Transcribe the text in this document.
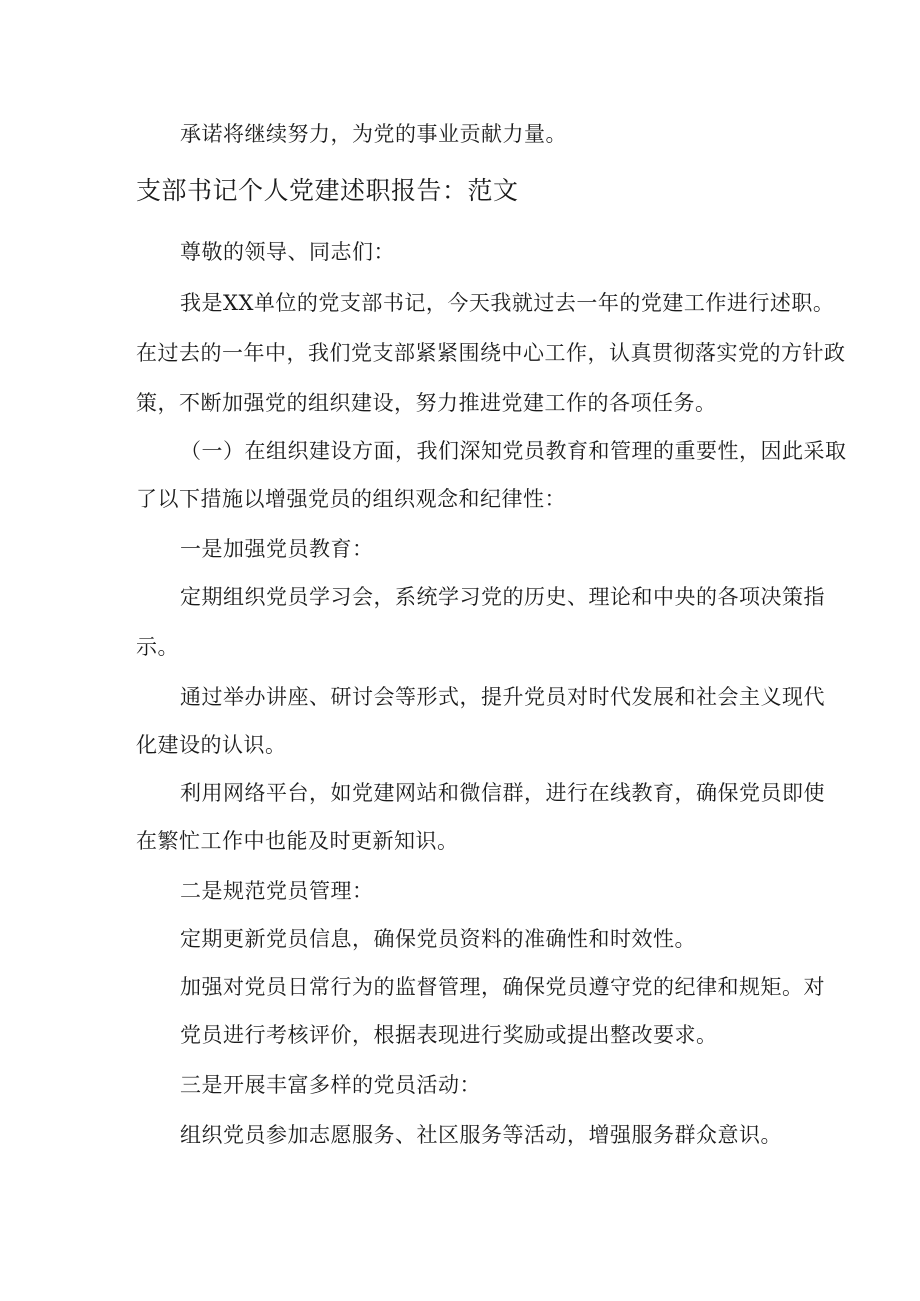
承诺将继续努力，为党的事业贡献力量。
支部书记个人党建述职报告：范文
尊敬的领导、同志们：
我是XX单位的党支部书记，今天我就过去一年的党建工作进行述职。
在过去的一年中，我们党支部紧紧围绕中心工作，认真贯彻落实党的方针政
策，不断加强党的组织建设，努力推进党建工作的各项任务。
（一）在组织建设方面，我们深知党员教育和管理的重要性，因此采取
了以下措施以增强党员的组织观念和纪律性：
一是加强党员教育：
定期组织党员学习会，系统学习党的历史、理论和中央的各项决策指
示。
通过举办讲座、研讨会等形式，提升党员对时代发展和社会主义现代
化建设的认识。
利用网络平台，如党建网站和微信群，进行在线教育，确保党员即使
在繁忙工作中也能及时更新知识。
二是规范党员管理：
定期更新党员信息，确保党员资料的准确性和时效性。
加强对党员日常行为的监督管理，确保党员遵守党的纪律和规矩。对
党员进行考核评价，根据表现进行奖励或提出整改要求。
三是开展丰富多样的党员活动：
组织党员参加志愿服务、社区服务等活动，增强服务群众意识。
